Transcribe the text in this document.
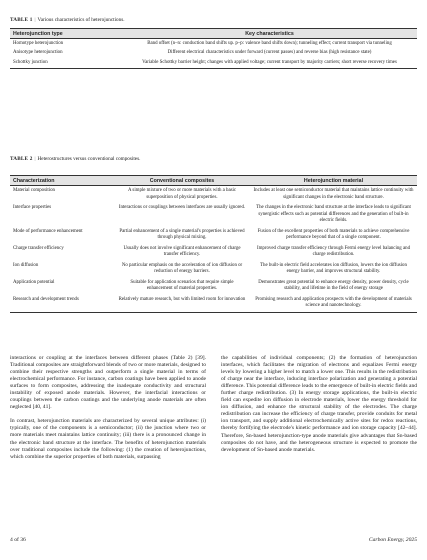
TABLE 1 | Various characteristics of heterojunctions.
Heterojunction type	Key characteristics
Homotype heterojunction	Band offset (n–n: conduction band shifts up. p–p: valence band shifts down); tunneling effect; current transport via tunneling
Anisotype heterojunction	Different electrical characteristics under forward (current passes) and reverse bias (high resistance state)
Schottky junction	Variable Schottky barrier height; changes with applied voltage; current transport by majority carriers; short reverse recovery times
TABLE 2 | Heterostructures versus conventional composites.
Characterization	Conventional composites	Heterojunction material
Material composition	A simple mixture of two or more materials with a basic superposition of physical properties.	Includes at least one semiconductor material that maintains lattice continuity with significant changes in the electronic band structure.
Interface properties	Interactions or couplings between interfaces are usually ignored.	The changes in the electronic band structure at the interface leads to significant synergistic effects such as potential differences and the generation of built-in electric fields.
Mode of performance enhancement	Partial enhancement of a single material's properties is achieved through physical mixing.	Fusion of the excellent properties of both materials to achieve comprehensive performance beyond that of a single component.
Charge transfer efficiency	Usually does not involve significant enhancement of charge transfer efficiency.	Improved charge transfer efficiency through Fermi energy level balancing and charge redistribution.
Ion diffusion	No particular emphasis on the acceleration of ion diffusion or reduction of energy barriers.	The built-in electric field accelerates ion diffusion, lowers the ion diffusion energy barrier, and improves structural stability.
Application potential	Suitable for application scenarios that require simple enhancement of material properties.	Demonstrates great potential to enhance energy density, power density, cycle stability, and lifetime in the field of energy storage
Research and development trends	Relatively mature research, but with limited room for innovation	Promising research and application prospects with the development of materials science and nanotechnology.

interactions or coupling at the interfaces between different phases (Table 2) [39]. Traditional composites are straightforward blends of two or more materials, designed to combine their respective strengths and outperform a single material in terms of electrochemical performance. For instance, carbon coatings have been applied to anode surfaces to form composites, addressing the inadequate conductivity and structural instability of exposed anode materials. However, the interfacial interactions or couplings between the carbon coatings and the underlying anode materials are often neglected [40, 41].

In contrast, heterojunction materials are characterized by several unique attributes: (i) typically, one of the components is a semiconductor; (ii) the junction where two or more materials meet maintains lattice continuity; (iii) there is a pronounced change in the electronic band structure at the interface. The benefits of heterojunction materials over traditional composites include the following: (1) the creation of heterojunctions, which combine the superior properties of both materials, surpassing

the capabilities of individual components; (2) the formation of heterojunction interfaces, which facilitates the migration of electrons and equalizes Fermi energy levels by lowering a higher level to match a lower one. This results in the redistribution of charge near the interface, inducing interface polarization and generating a potential difference. This potential difference leads to the emergence of built-in electric fields and further charge redistribution. (3) In energy storage applications, the built-in electric field can expedite ion diffusion in electrode materials, lower the energy threshold for ion diffusion, and enhance the structural stability of the electrodes. The charge redistribution can increase the efficiency of charge transfer, provide conduits for metal ion transport, and supply additional electrochemically active sites for redox reactions, thereby fortifying the electrode's kinetic performance and ion storage capacity [42–44]. Therefore, Sn-based heterojunction-type anode materials give advantages that Sn-based composites do not have, and the heterogeneous structure is expected to promote the development of Sn-based anode materials.

4 of 36	Carbon Energy, 2025
